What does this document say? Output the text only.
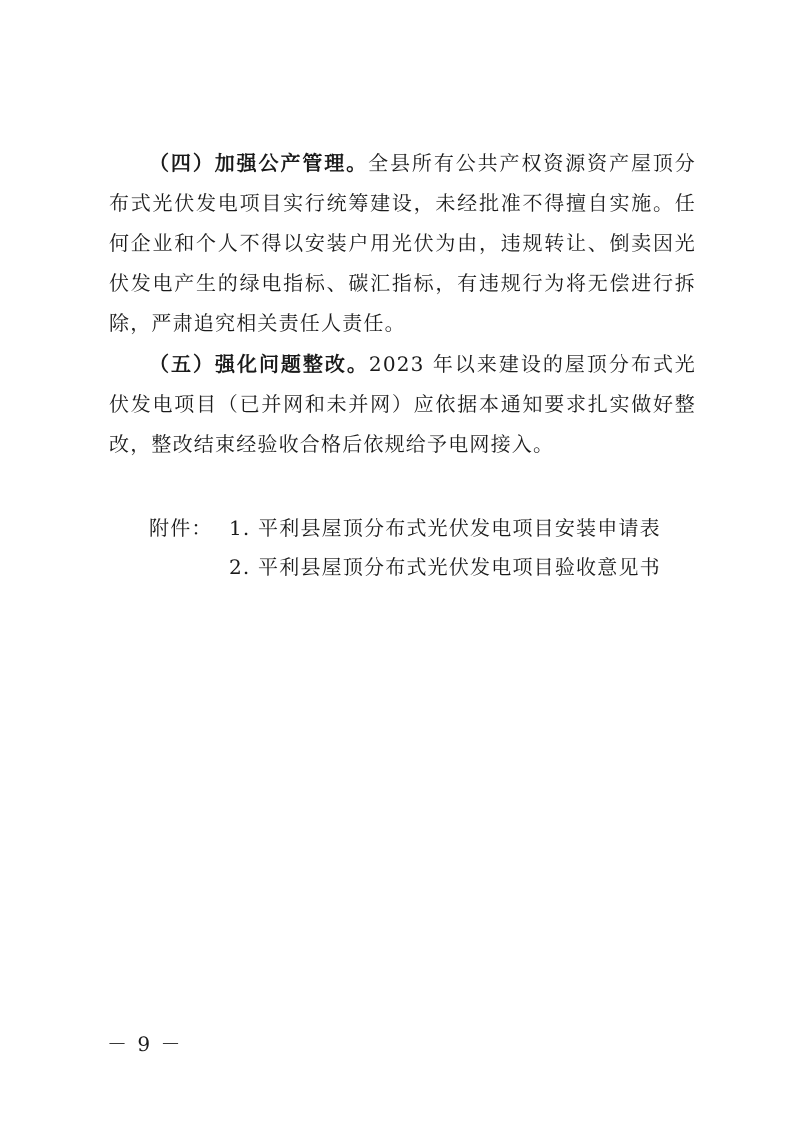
（四）加强公产管理。全县所有公共产权资源资产屋顶分布式光伏发电项目实行统筹建设，未经批准不得擅自实施。任何企业和个人不得以安装户用光伏为由，违规转让、倒卖因光伏发电产生的绿电指标、碳汇指标，有违规行为将无偿进行拆除，严肃追究相关责任人责任。

（五）强化问题整改。2023 年以来建设的屋顶分布式光伏发电项目（已并网和未并网）应依据本通知要求扎实做好整改，整改结束经验收合格后依规给予电网接入。

附件： 1. 平利县屋顶分布式光伏发电项目安装申请表
2. 平利县屋顶分布式光伏发电项目验收意见书
－ 9 －
